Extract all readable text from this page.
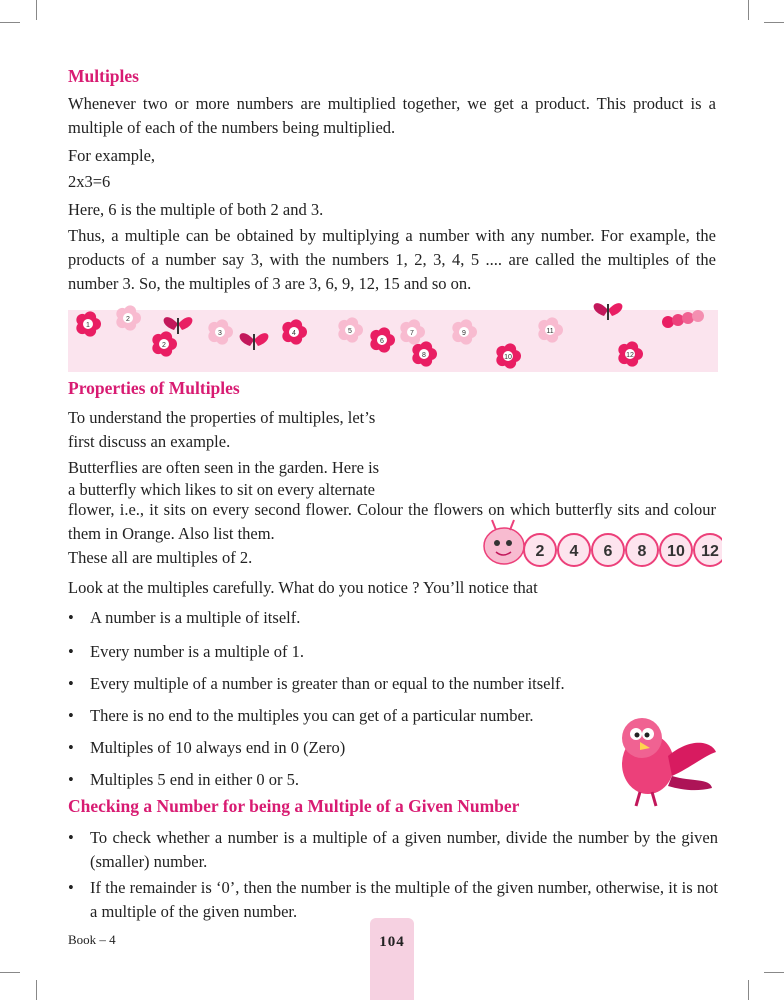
Multiples

Whenever two or more numbers are multiplied together, we get a product. This product is a multiple of each of the numbers being multiplied.

For example,

2x3=6

Here, 6 is the multiple of both 2 and 3.

Thus, a multiple can be obtained by multiplying a number with any number. For example, the products of a number say 3, with the numbers 1, 2, 3, 4, 5 .... are called the multiples of the number 3. So, the multiples of 3 are 3, 6, 9, 12, 15 and so on.

1
2
2
3	4	5
6
7
8
9
10
11
12
Properties of Multiples

To understand the properties of multiples, let’s

first discuss an example.

Butterflies are often seen in the garden. Here is

a butterfly which likes to sit on every alternate

flower, i.e., it sits on every second flower. Colour the flowers on which butterfly sits and colour them in Orange. Also list them.

These all are multiples of 2.	2 4 6 8 10 12

Look at the multiples carefully. What do you notice ? You’ll notice that

• A number is a multiple of itself.
• Every number is a multiple of 1.
• Every multiple of a number is greater than or equal to the number itself.
• There is no end to the multiples you can get of a particular number.
• Multiples of 10 always end in 0 (Zero)
• Multiples 5 end in either 0 or 5.
Checking a Number for being a Multiple of a Given Number
• To check whether a number is a multiple of a given number, divide the number by the given (smaller) number.
• If the remainder is ‘0’, then the number is the multiple of the given number, otherwise, it is not a multiple of the given number.
Book – 4	104
